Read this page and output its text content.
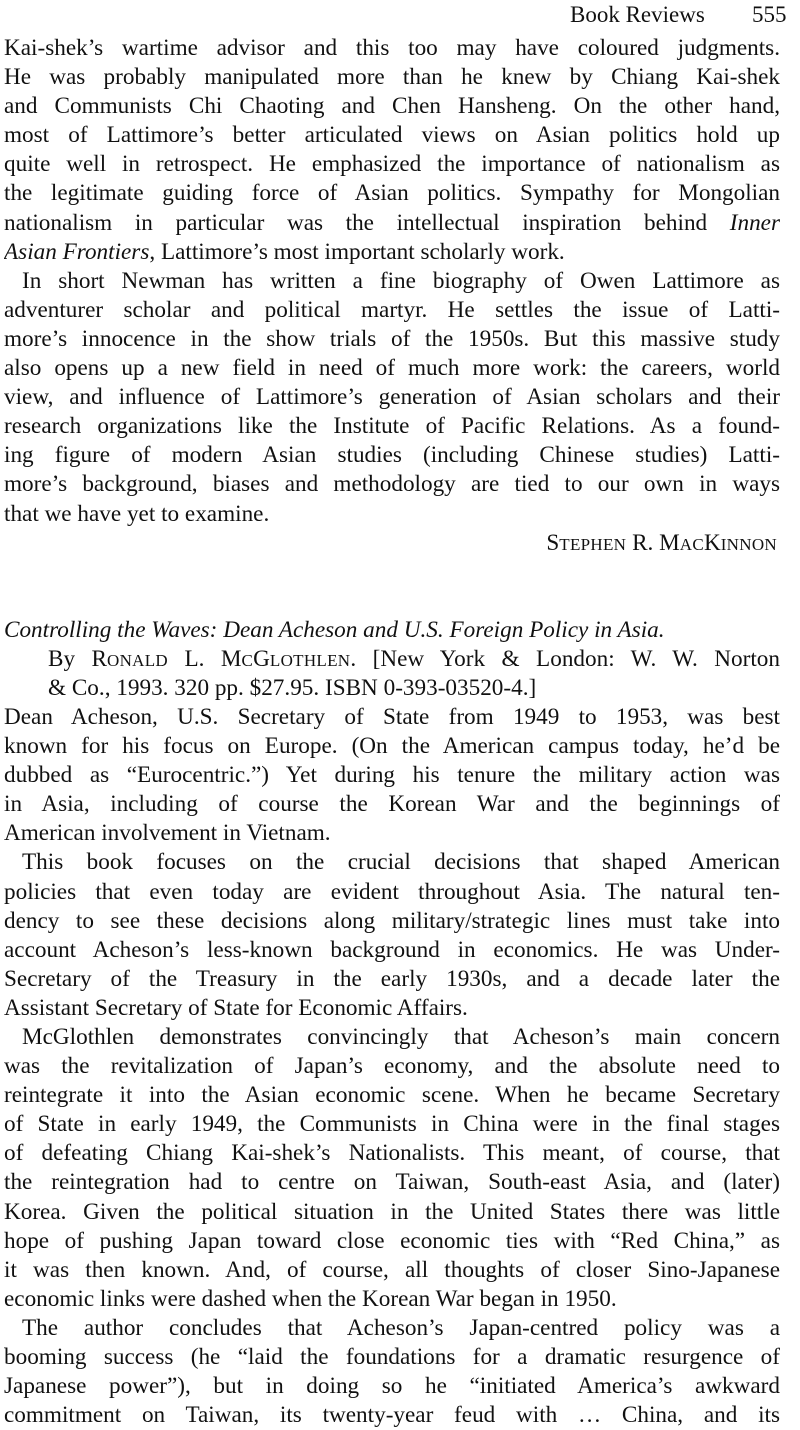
Book Reviews 555
Kai-shek’s wartime advisor and this too may have coloured judgments.
He was probably manipulated more than he knew by Chiang Kai-shek
and Communists Chi Chaoting and Chen Hansheng. On the other hand,
most of Lattimore’s better articulated views on Asian politics hold up
quite well in retrospect. He emphasized the importance of nationalism as
the legitimate guiding force of Asian politics. Sympathy for Mongolian
nationalism in particular was the intellectual inspiration behind Inner
Asian Frontiers, Lattimore’s most important scholarly work.
In short Newman has written a fine biography of Owen Lattimore as
adventurer scholar and political martyr. He settles the issue of Latti-
more’s innocence in the show trials of the 1950s. But this massive study
also opens up a new field in need of much more work: the careers, world
view, and influence of Lattimore’s generation of Asian scholars and their
research organizations like the Institute of Pacific Relations. As a found-
ing figure of modern Asian studies (including Chinese studies) Latti-
more’s background, biases and methodology are tied to our own in ways
that we have yet to examine.
STEPHEN R. MACKINNON
Controlling the Waves: Dean Acheson and U.S. Foreign Policy in Asia.
By RONALD L. MCGLOTHLEN. [New York & London: W. W. Norton
& Co., 1993. 320 pp. $27.95. ISBN 0-393-03520-4.]
Dean Acheson, U.S. Secretary of State from 1949 to 1953, was best
known for his focus on Europe. (On the American campus today, he’d be
dubbed as “Eurocentric.”) Yet during his tenure the military action was
in Asia, including of course the Korean War and the beginnings of
American involvement in Vietnam.
This book focuses on the crucial decisions that shaped American
policies that even today are evident throughout Asia. The natural ten-
dency to see these decisions along military/strategic lines must take into
account Acheson’s less-known background in economics. He was Under-
Secretary of the Treasury in the early 1930s, and a decade later the
Assistant Secretary of State for Economic Affairs.
McGlothlen demonstrates convincingly that Acheson’s main concern
was the revitalization of Japan’s economy, and the absolute need to
reintegrate it into the Asian economic scene. When he became Secretary
of State in early 1949, the Communists in China were in the final stages
of defeating Chiang Kai-shek’s Nationalists. This meant, of course, that
the reintegration had to centre on Taiwan, South-east Asia, and (later)
Korea. Given the political situation in the United States there was little
hope of pushing Japan toward close economic ties with “Red China,” as
it was then known. And, of course, all thoughts of closer Sino-Japanese
economic links were dashed when the Korean War began in 1950.
The author concludes that Acheson’s Japan-centred policy was a
booming success (he “laid the foundations for a dramatic resurgence of
Japanese power”), but in doing so he “initiated America’s awkward
commitment on Taiwan, its twenty-year feud with … China, and its
